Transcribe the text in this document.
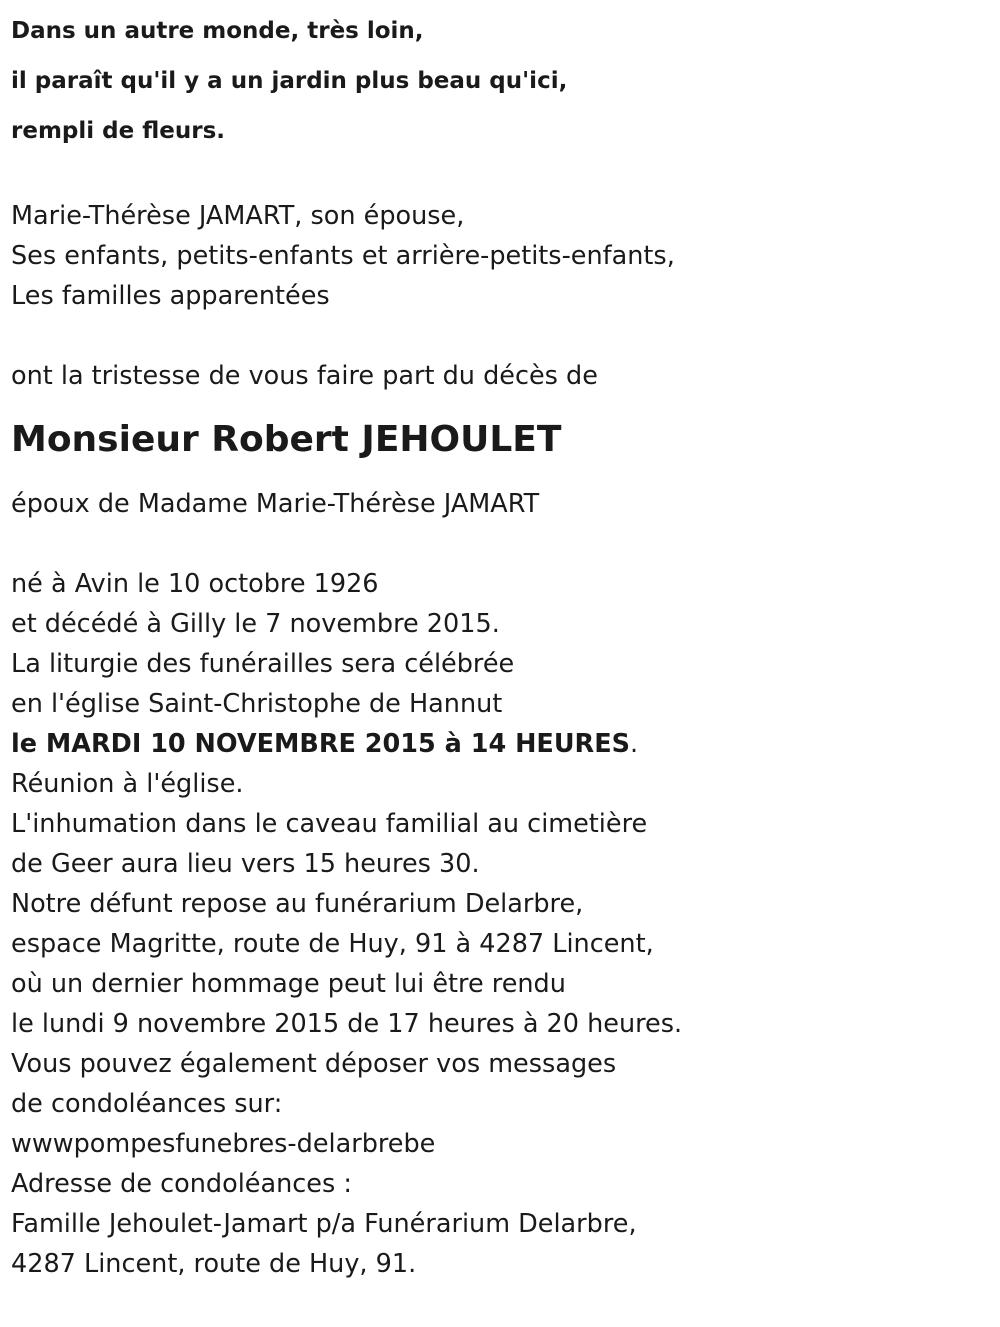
Dans un autre monde, très loin,
il paraît qu'il y a un jardin plus beau qu'ici,
rempli de fleurs.
Marie-Thérèse JAMART, son épouse,
Ses enfants, petits-enfants et arrière-petits-enfants,
Les familles apparentées
ont la tristesse de vous faire part du décès de
Monsieur Robert JEHOULET
époux de Madame Marie-Thérèse JAMART
né à Avin le 10 octobre 1926
et décédé à Gilly le 7 novembre 2015.
La liturgie des funérailles sera célébrée
en l'église Saint-Christophe de Hannut
le MARDI 10 NOVEMBRE 2015 à 14 HEURES.
Réunion à l'église.
L'inhumation dans le caveau familial au cimetière
de Geer aura lieu vers 15 heures 30.
Notre défunt repose au funérarium Delarbre,
espace Magritte, route de Huy, 91 à 4287 Lincent,
où un dernier hommage peut lui être rendu
le lundi 9 novembre 2015 de 17 heures à 20 heures.
Vous pouvez également déposer vos messages
de condoléances sur:
wwwpompesfunebres-delarbrebe
Adresse de condoléances :
Famille Jehoulet-Jamart p/a Funérarium Delarbre,
4287 Lincent, route de Huy, 91.
